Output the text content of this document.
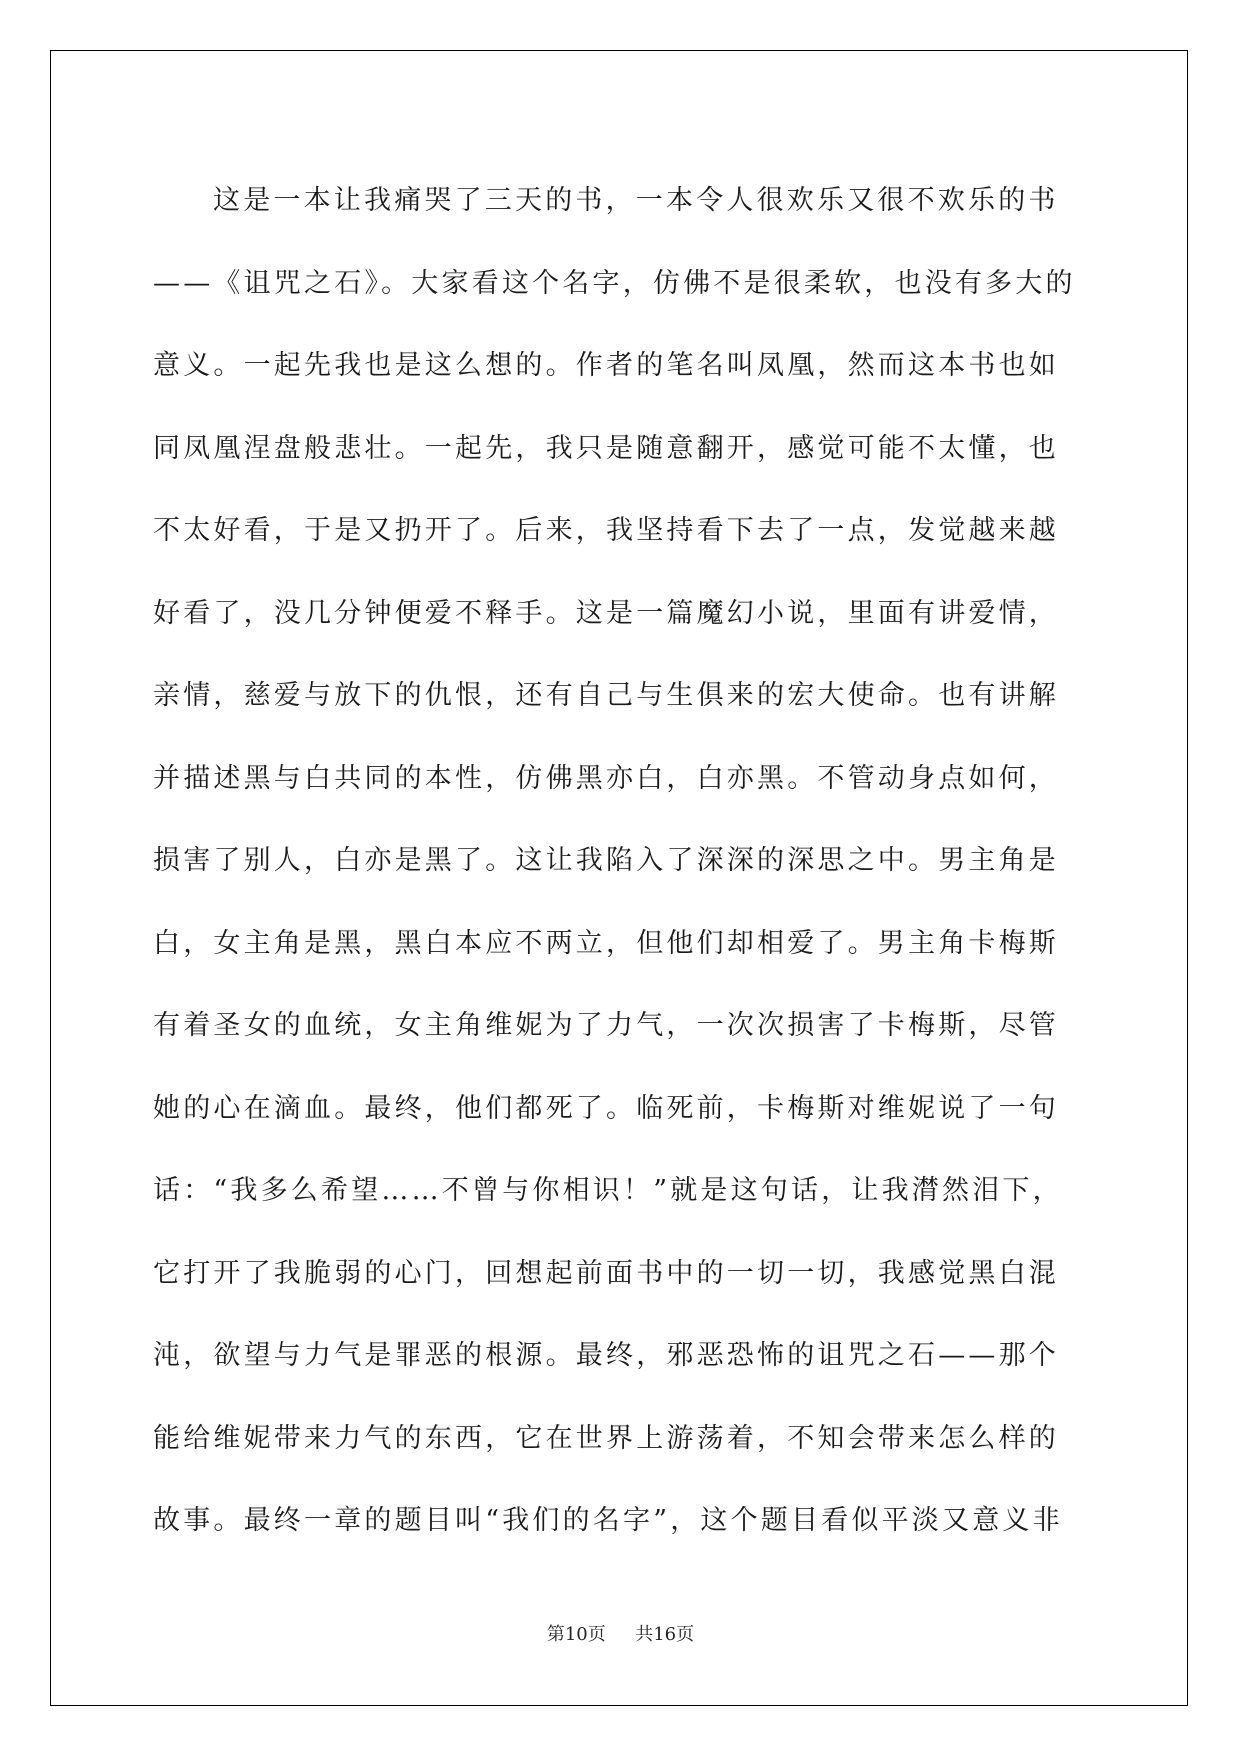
这是一本让我痛哭了三天的书，一本令人很欢乐又很不欢乐的书
——《诅咒之石》。大家看这个名字，仿佛不是很柔软，也没有多大的
意义。一起先我也是这么想的。作者的笔名叫凤凰，然而这本书也如
同凤凰涅盘般悲壮。一起先，我只是随意翻开，感觉可能不太懂，也
不太好看，于是又扔开了。后来，我坚持看下去了一点，发觉越来越
好看了，没几分钟便爱不释手。这是一篇魔幻小说，里面有讲爱情，
亲情，慈爱与放下的仇恨，还有自己与生俱来的宏大使命。也有讲解
并描述黑与白共同的本性，仿佛黑亦白，白亦黑。不管动身点如何，
损害了别人，白亦是黑了。这让我陷入了深深的深思之中。男主角是
白，女主角是黑，黑白本应不两立，但他们却相爱了。男主角卡梅斯
有着圣女的血统，女主角维妮为了力气，一次次损害了卡梅斯，尽管
她的心在滴血。最终，他们都死了。临死前，卡梅斯对维妮说了一句
话：“我多么希望……不曾与你相识！”就是这句话，让我潸然泪下，
它打开了我脆弱的心门，回想起前面书中的一切一切，我感觉黑白混
沌，欲望与力气是罪恶的根源。最终，邪恶恐怖的诅咒之石——那个
能给维妮带来力气的东西，它在世界上游荡着，不知会带来怎么样的
故事。最终一章的题目叫“我们的名字”，这个题目看似平淡又意义非
第10页 共16页
